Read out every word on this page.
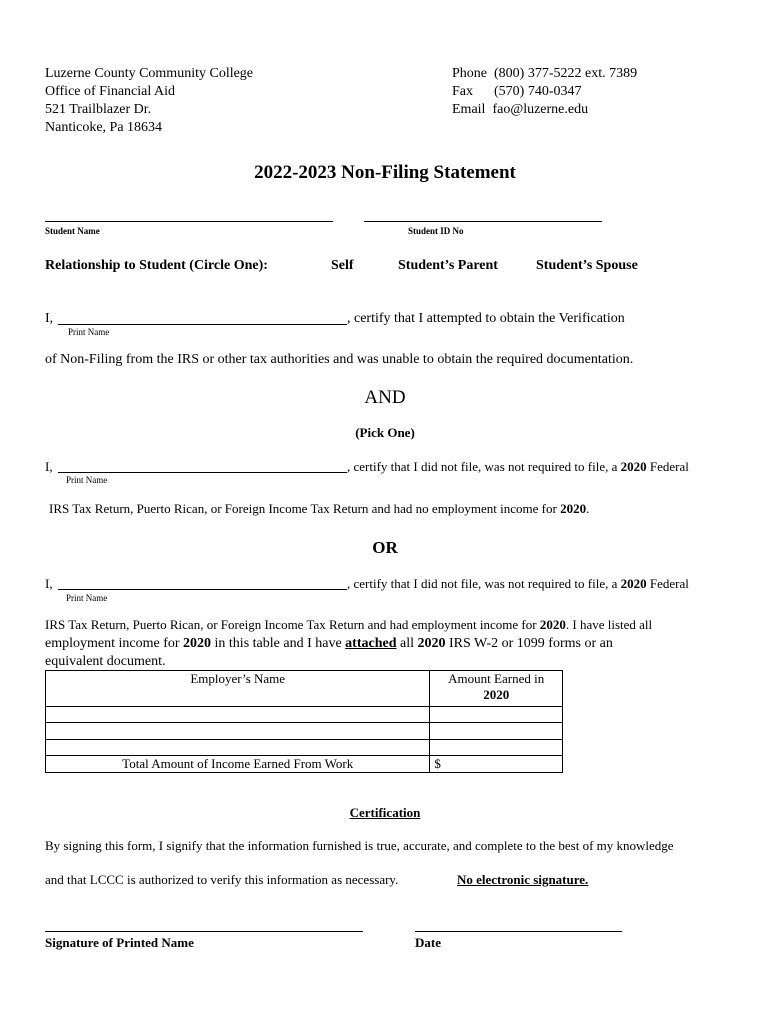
Luzerne County Community College
Office of Financial Aid
521 Trailblazer Dr.
Nanticoke, Pa 18634
Phone (800) 377-5222 ext. 7389
Fax (570) 740-0347
Email fao@luzerne.edu
2022-2023 Non-Filing Statement
Student Name	Student ID No
Relationship to Student (Circle One):	Self	Student’s Parent	Student’s Spouse
I,	, certify that I attempted to obtain the Verification
Print Name
of Non-Filing from the IRS or other tax authorities and was unable to obtain the required documentation.
AND
(Pick One)
I,	, certify that I did not file, was not required to file, a 2020 Federal
Print Name
IRS Tax Return, Puerto Rican, or Foreign Income Tax Return and had no employment income for 2020.
OR
I,	, certify that I did not file, was not required to file, a 2020 Federal
Print Name
IRS Tax Return, Puerto Rican, or Foreign Income Tax Return and had employment income for 2020. I have listed all
employment income for 2020 in this table and I have attached all 2020 IRS W-2 or 1099 forms or an
equivalent document.
Employer’s Name	Amount Earned in
2020

Total Amount of Income Earned From Work	$
Certification
By signing this form, I signify that the information furnished is true, accurate, and complete to the best of my knowledge
and that LCCC is authorized to verify this information as necessary.	No electronic signature.
Signature of Printed Name	Date
